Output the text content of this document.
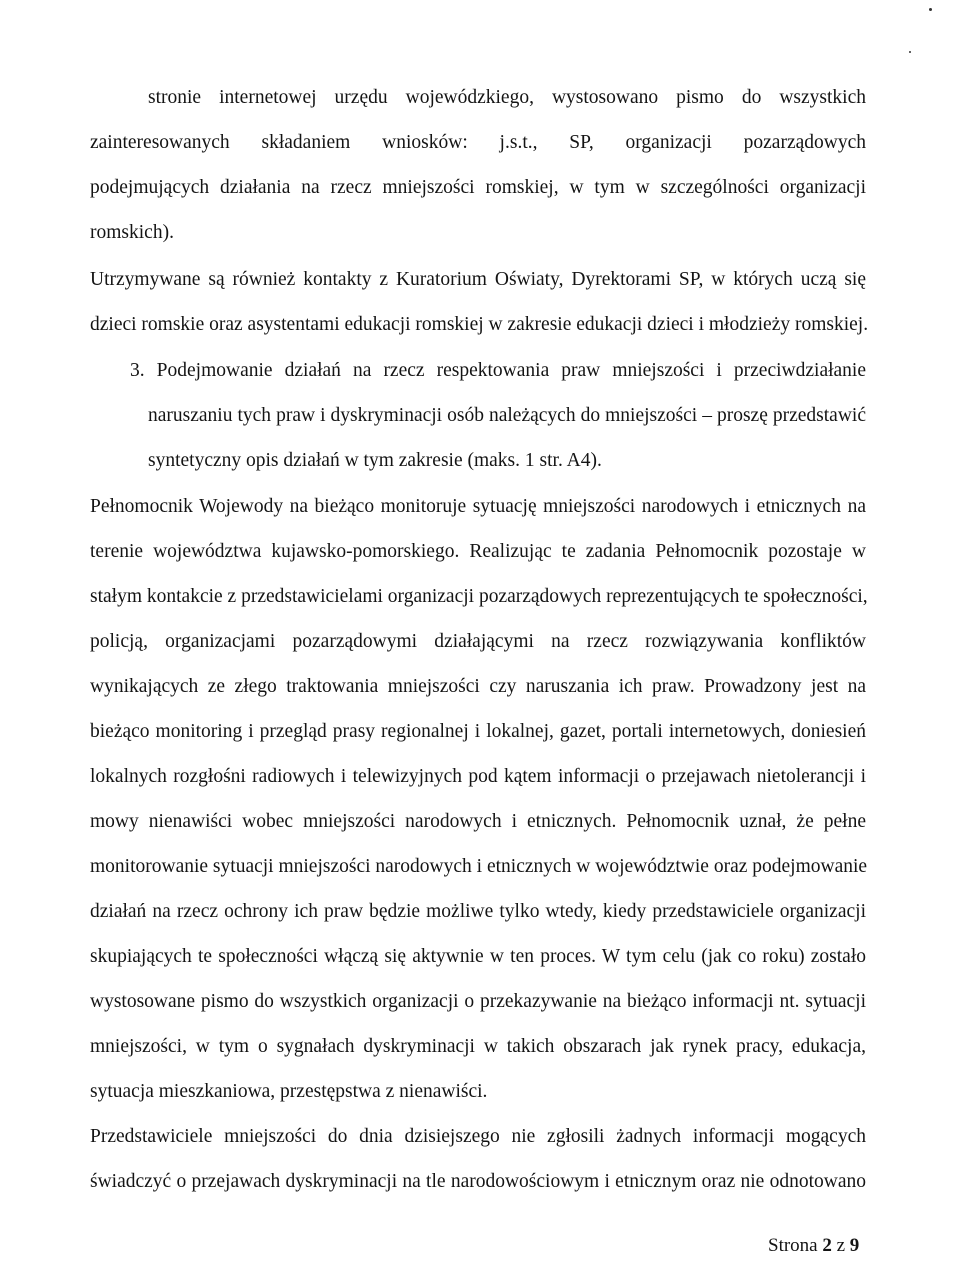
stronie internetowej urzędu wojewódzkiego, wystosowano pismo do wszystkich
zainteresowanych składaniem wniosków: j.s.t., SP, organizacji pozarządowych
podejmujących działania na rzecz mniejszości romskiej, w tym w szczególności organizacji
romskich).
Utrzymywane są również kontakty z Kuratorium Oświaty, Dyrektorami SP, w których uczą się
dzieci romskie oraz asystentami edukacji romskiej w zakresie edukacji dzieci i młodzieży romskiej.
3. Podejmowanie działań na rzecz respektowania praw mniejszości i przeciwdziałanie
naruszaniu tych praw i dyskryminacji osób należących do mniejszości – proszę przedstawić
syntetyczny opis działań w tym zakresie (maks. 1 str. A4).
Pełnomocnik Wojewody na bieżąco monitoruje sytuację mniejszości narodowych i etnicznych na
terenie województwa kujawsko-pomorskiego. Realizując te zadania Pełnomocnik pozostaje w
stałym kontakcie z przedstawicielami organizacji pozarządowych reprezentujących te społeczności,
policją, organizacjami pozarządowymi działającymi na rzecz rozwiązywania konfliktów
wynikających ze złego traktowania mniejszości czy naruszania ich praw. Prowadzony jest na
bieżąco monitoring i przegląd prasy regionalnej i lokalnej, gazet, portali internetowych, doniesień
lokalnych rozgłośni radiowych i telewizyjnych pod kątem informacji o przejawach nietolerancji i
mowy nienawiści wobec mniejszości narodowych i etnicznych. Pełnomocnik uznał, że pełne
monitorowanie sytuacji mniejszości narodowych i etnicznych w województwie oraz podejmowanie
działań na rzecz ochrony ich praw będzie możliwe tylko wtedy, kiedy przedstawiciele organizacji
skupiających te społeczności włączą się aktywnie w ten proces. W tym celu (jak co roku) zostało
wystosowane pismo do wszystkich organizacji o przekazywanie na bieżąco informacji nt. sytuacji
mniejszości, w tym o sygnałach dyskryminacji w takich obszarach jak rynek pracy, edukacja,
sytuacja mieszkaniowa, przestępstwa z nienawiści.
Przedstawiciele mniejszości do dnia dzisiejszego nie zgłosili żadnych informacji mogących
świadczyć o przejawach dyskryminacji na tle narodowościowym i etnicznym oraz nie odnotowano
Strona 2 z 9
